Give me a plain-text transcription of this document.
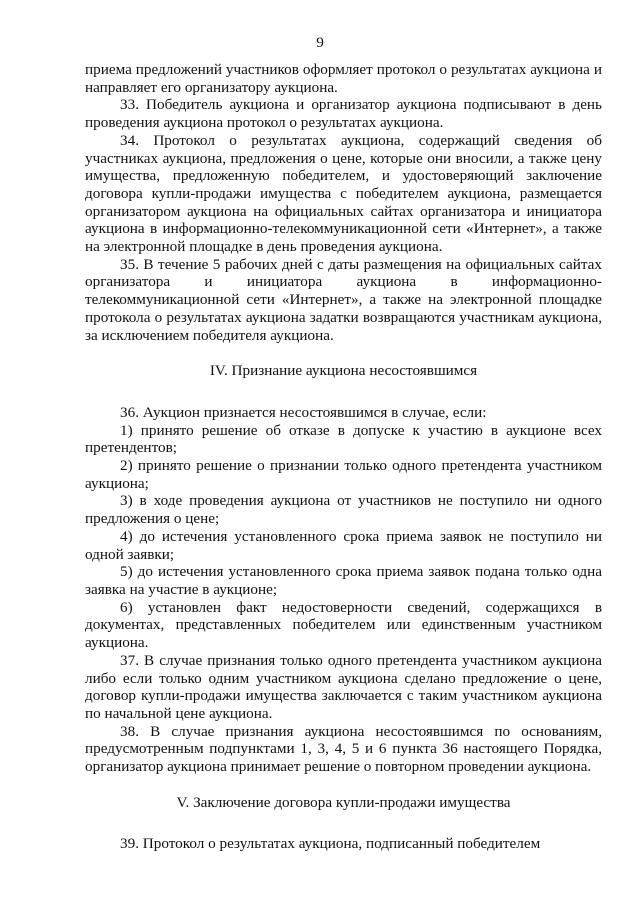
9

приема предложений участников оформляет протокол о результатах аукциона и направляет его организатору аукциона.

33. Победитель аукциона и организатор аукциона подписывают в день проведения аукциона протокол о результатах аукциона.

34. Протокол о результатах аукциона, содержащий сведения об участниках аукциона, предложения о цене, которые они вносили, а также цену имущества, предложенную победителем, и удостоверяющий заключение договора купли-продажи имущества с победителем аукциона, размещается организатором аукциона на официальных сайтах организатора и инициатора аукциона в информационно-телекоммуникационной сети «Интернет», а также на электронной площадке в день проведения аукциона.

35. В течение 5 рабочих дней с даты размещения на официальных сайтах организатора и инициатора аукциона в информационно-телекоммуникационной сети «Интернет», а также на электронной площадке протокола о результатах аукциона задатки возвращаются участникам аукциона, за исключением победителя аукциона.

IV. Признание аукциона несостоявшимся

36. Аукцион признается несостоявшимся в случае, если:

1) принято решение об отказе в допуске к участию в аукционе всех претендентов;

2) принято решение о признании только одного претендента участником аукциона;

3) в ходе проведения аукциона от участников не поступило ни одного предложения о цене;

4) до истечения установленного срока приема заявок не поступило ни одной заявки;

5) до истечения установленного срока приема заявок подана только одна заявка на участие в аукционе;

6) установлен факт недостоверности сведений, содержащихся в документах, представленных победителем или единственным участником аукциона.

37. В случае признания только одного претендента участником аукциона либо если только одним участником аукциона сделано предложение о цене, договор купли-продажи имущества заключается с таким участником аукциона по начальной цене аукциона.

38. В случае признания аукциона несостоявшимся по основаниям, предусмотренным подпунктами 1, 3, 4, 5 и 6 пункта 36 настоящего Порядка, организатор аукциона принимает решение о повторном проведении аукциона.

V. Заключение договора купли-продажи имущества

39. Протокол о результатах аукциона, подписанный победителем
